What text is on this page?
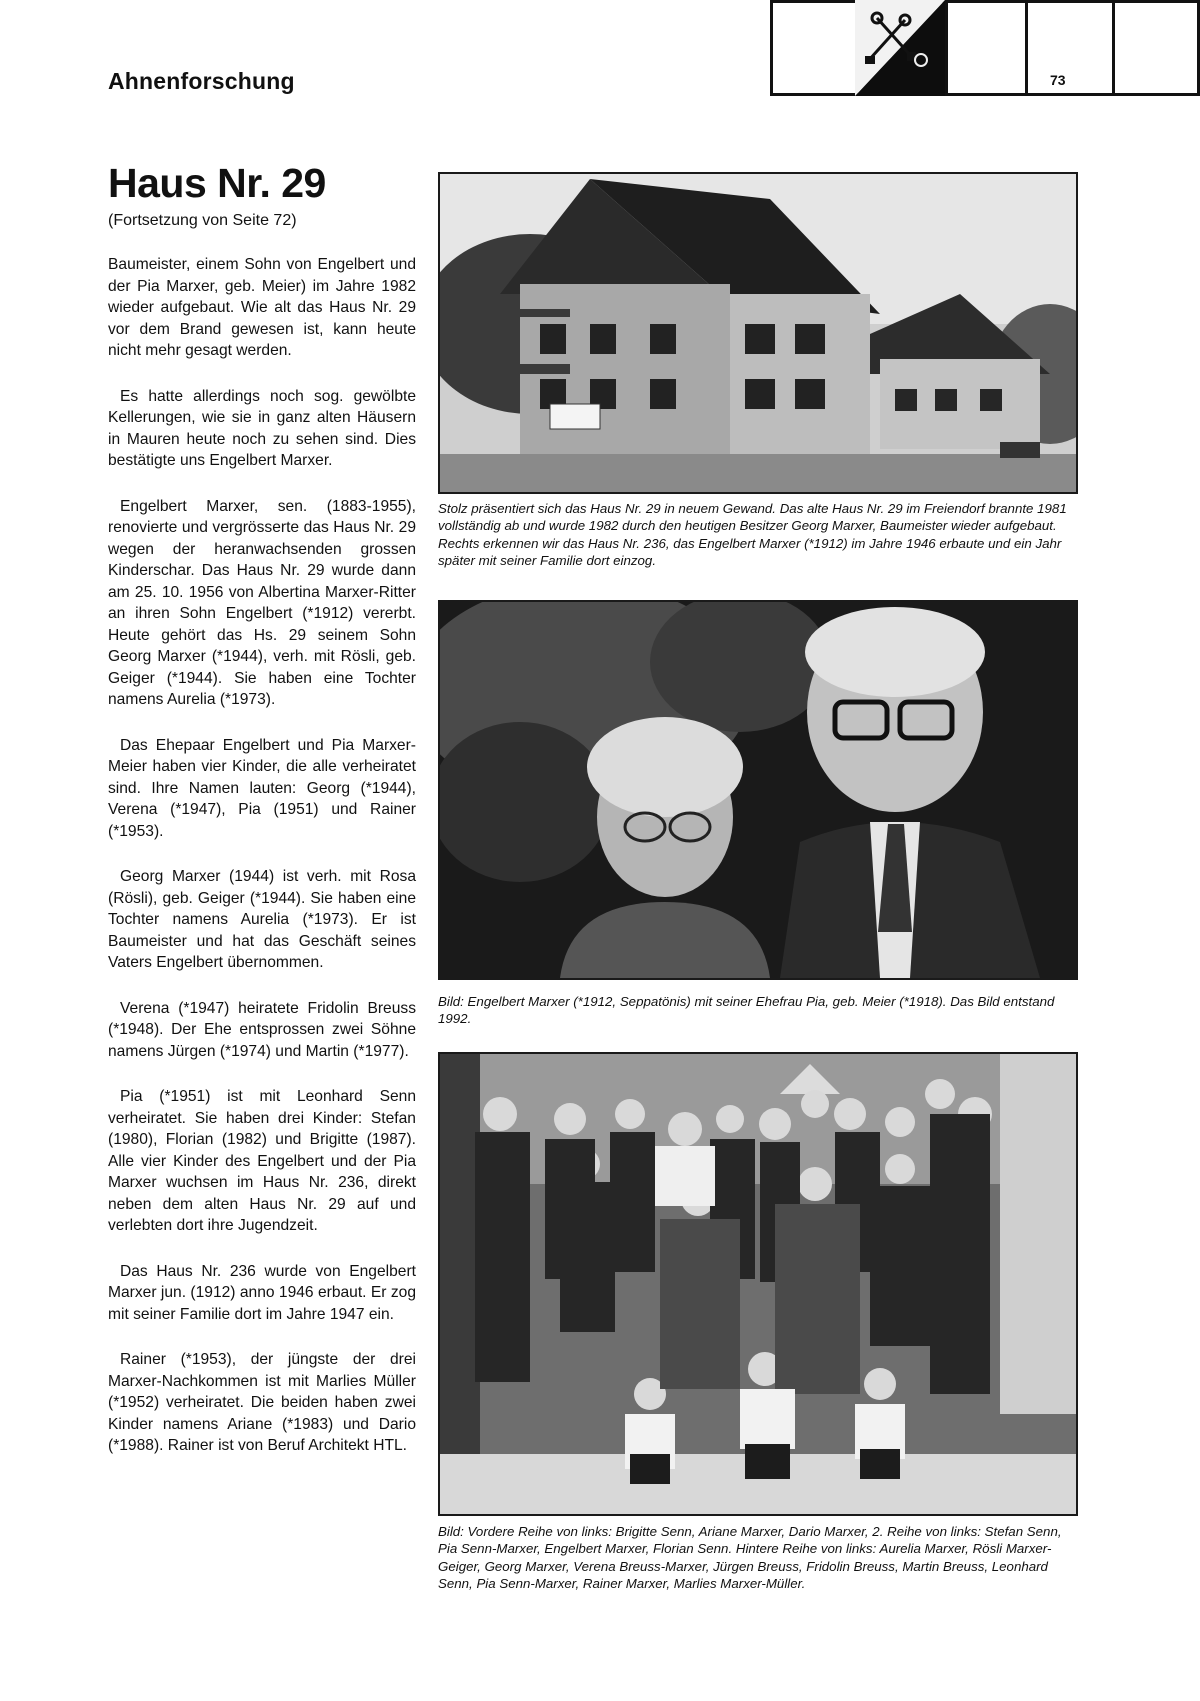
Ahnenforschung	73
Haus Nr. 29
(Fortsetzung von Seite 72)

Baumeister, einem Sohn von Engelbert und der Pia Marxer, geb. Meier) im Jahre 1982 wieder aufgebaut. Wie alt das Haus Nr. 29 vor dem Brand gewesen ist, kann heute nicht mehr gesagt werden.

Es hatte allerdings noch sog. gewölbte Kellerungen, wie sie in ganz alten Häusern in Mauren heute noch zu sehen sind. Dies bestätigte uns Engelbert Marxer.

Engelbert Marxer, sen. (1883-1955), renovierte und vergrösserte das Haus Nr. 29 wegen der heranwachsenden grossen Kinderschar. Das Haus Nr. 29 wurde dann am 25. 10. 1956 von Albertina Marxer-Ritter an ihren Sohn Engelbert (*1912) vererbt. Heute gehört das Hs. 29 seinem Sohn Georg Marxer (*1944), verh. mit Rösli, geb. Geiger (*1944). Sie haben eine Tochter namens Aurelia (*1973).

Das Ehepaar Engelbert und Pia Marxer-Meier haben vier Kinder, die alle verheiratet sind. Ihre Namen lauten: Georg (*1944), Verena (*1947), Pia (1951) und Rainer (*1953).

Georg Marxer (1944) ist verh. mit Rosa (Rösli), geb. Geiger (*1944). Sie haben eine Tochter namens Aurelia (*1973). Er ist Baumeister und hat das Geschäft seines Vaters Engelbert übernommen.

Verena (*1947) heiratete Fridolin Breuss (*1948). Der Ehe entsprossen zwei Söhne namens Jürgen (*1974) und Martin (*1977).

Pia (*1951) ist mit Leonhard Senn verheiratet. Sie haben drei Kinder: Stefan (1980), Florian (1982) und Brigitte (1987). Alle vier Kinder des Engelbert und der Pia Marxer wuchsen im Haus Nr. 236, direkt neben dem alten Haus Nr. 29 auf und verlebten dort ihre Jugendzeit.

Das Haus Nr. 236 wurde von Engelbert Marxer jun. (1912) anno 1946 erbaut. Er zog mit seiner Familie dort im Jahre 1947 ein.

Rainer (*1953), der jüngste der drei Marxer-Nachkommen ist mit Marlies Müller (*1952) verheiratet. Die beiden haben zwei Kinder namens Ariane (*1983) und Dario (*1988). Rainer ist von Beruf Architekt HTL.

Stolz präsentiert sich das Haus Nr. 29 in neuem Gewand. Das alte Haus Nr. 29 im Freiendorf brannte 1981 vollständig ab und wurde 1982 durch den heutigen Besitzer Georg Marxer, Baumeister wieder aufgebaut. Rechts erkennen wir das Haus Nr. 236, das Engelbert Marxer (*1912) im Jahre 1946 erbaute und ein Jahr später mit seiner Familie dort einzog.
Bild: Engelbert Marxer (*1912, Seppatönis) mit seiner Ehefrau Pia, geb. Meier (*1918). Das Bild entstand 1992.
Bild: Vordere Reihe von links: Brigitte Senn, Ariane Marxer, Dario Marxer, 2. Reihe von links: Stefan Senn, Pia Senn-Marxer, Engelbert Marxer, Florian Senn. Hintere Reihe von links: Aurelia Marxer, Rösli Marxer-Geiger, Georg Marxer, Verena Breuss-Marxer, Jürgen Breuss, Fridolin Breuss, Martin Breuss, Leonhard Senn, Pia Senn-Marxer, Rainer Marxer, Marlies Marxer-Müller.
